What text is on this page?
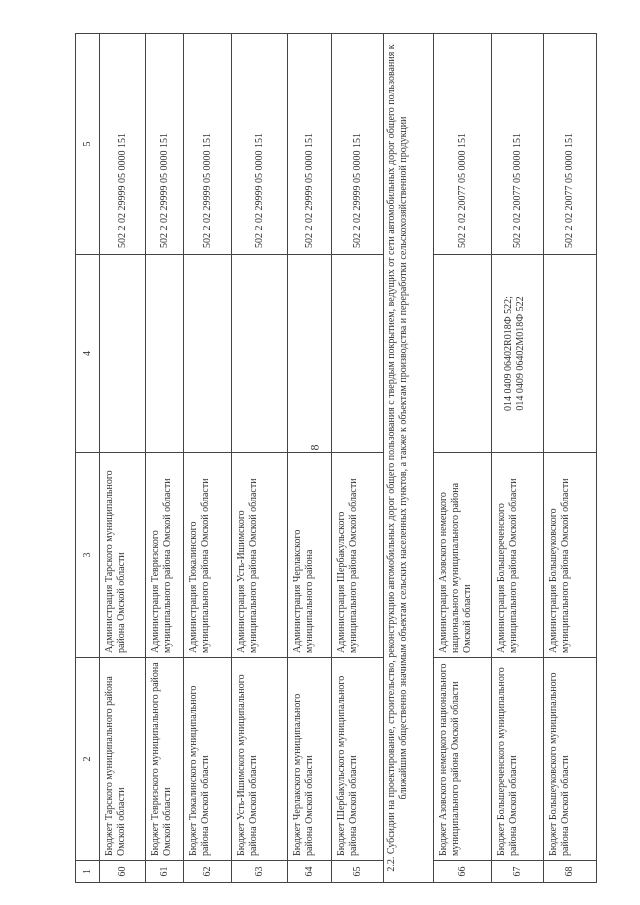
8
1
2
3
4
5
60
Бюджет Тарского муниципального района Омской области
Администрация Тарского муниципального района Омской области
502 2 02 29999 05 0000 151
61
Бюджет Тевризского муниципального района Омской области
Администрация Тевризского муниципального района Омской области
502 2 02 29999 05 0000 151
62
Бюджет Тюкалинского муниципального района Омской области
Администрация Тюкалинского муниципального района Омской области
502 2 02 29999 05 0000 151
63
Бюджет Усть-Ишимского муниципального района Омской области
Администрация Усть-Ишимского муниципального района Омской области
502 2 02 29999 05 0000 151
64
Бюджет Черлакского муниципального района Омской области
Администрация Черлакского муниципального района
502 2 02 29999 05 0000 151
65
Бюджет Шербакульского муниципального района Омской области
Администрация Шербакульского муниципального района Омской области
502 2 02 29999 05 0000 151	2.2. Субсидии на проектирование, строительство, реконструкцию автомобильных дорог общего пользования с твердым покрытием, ведущих от сети автомобильных дорог общего пользования к ближайшим общественно значимым объектам сельских населенных пунктов, а также к объектам производства и переработки сельскохозяйственной продукции
66
Бюджет Азовского немецкого национального муниципального района Омской области
Администрация Азовского немецкого национального муниципального района Омской области
502 2 02 20077 05 0000 151
67
Бюджет Большереченского муниципального района Омской области
Администрация Большереченского муниципального района Омской области
502 2 02 20077 05 0000 151
68
Бюджет Большеуковского муниципального района Омской области
Администрация Большеуковского муниципального района Омской области
502 2 02 20077 05 0000 151
014 0409 06402R018Ф 522;
014 0409 06402М018Ф 522
